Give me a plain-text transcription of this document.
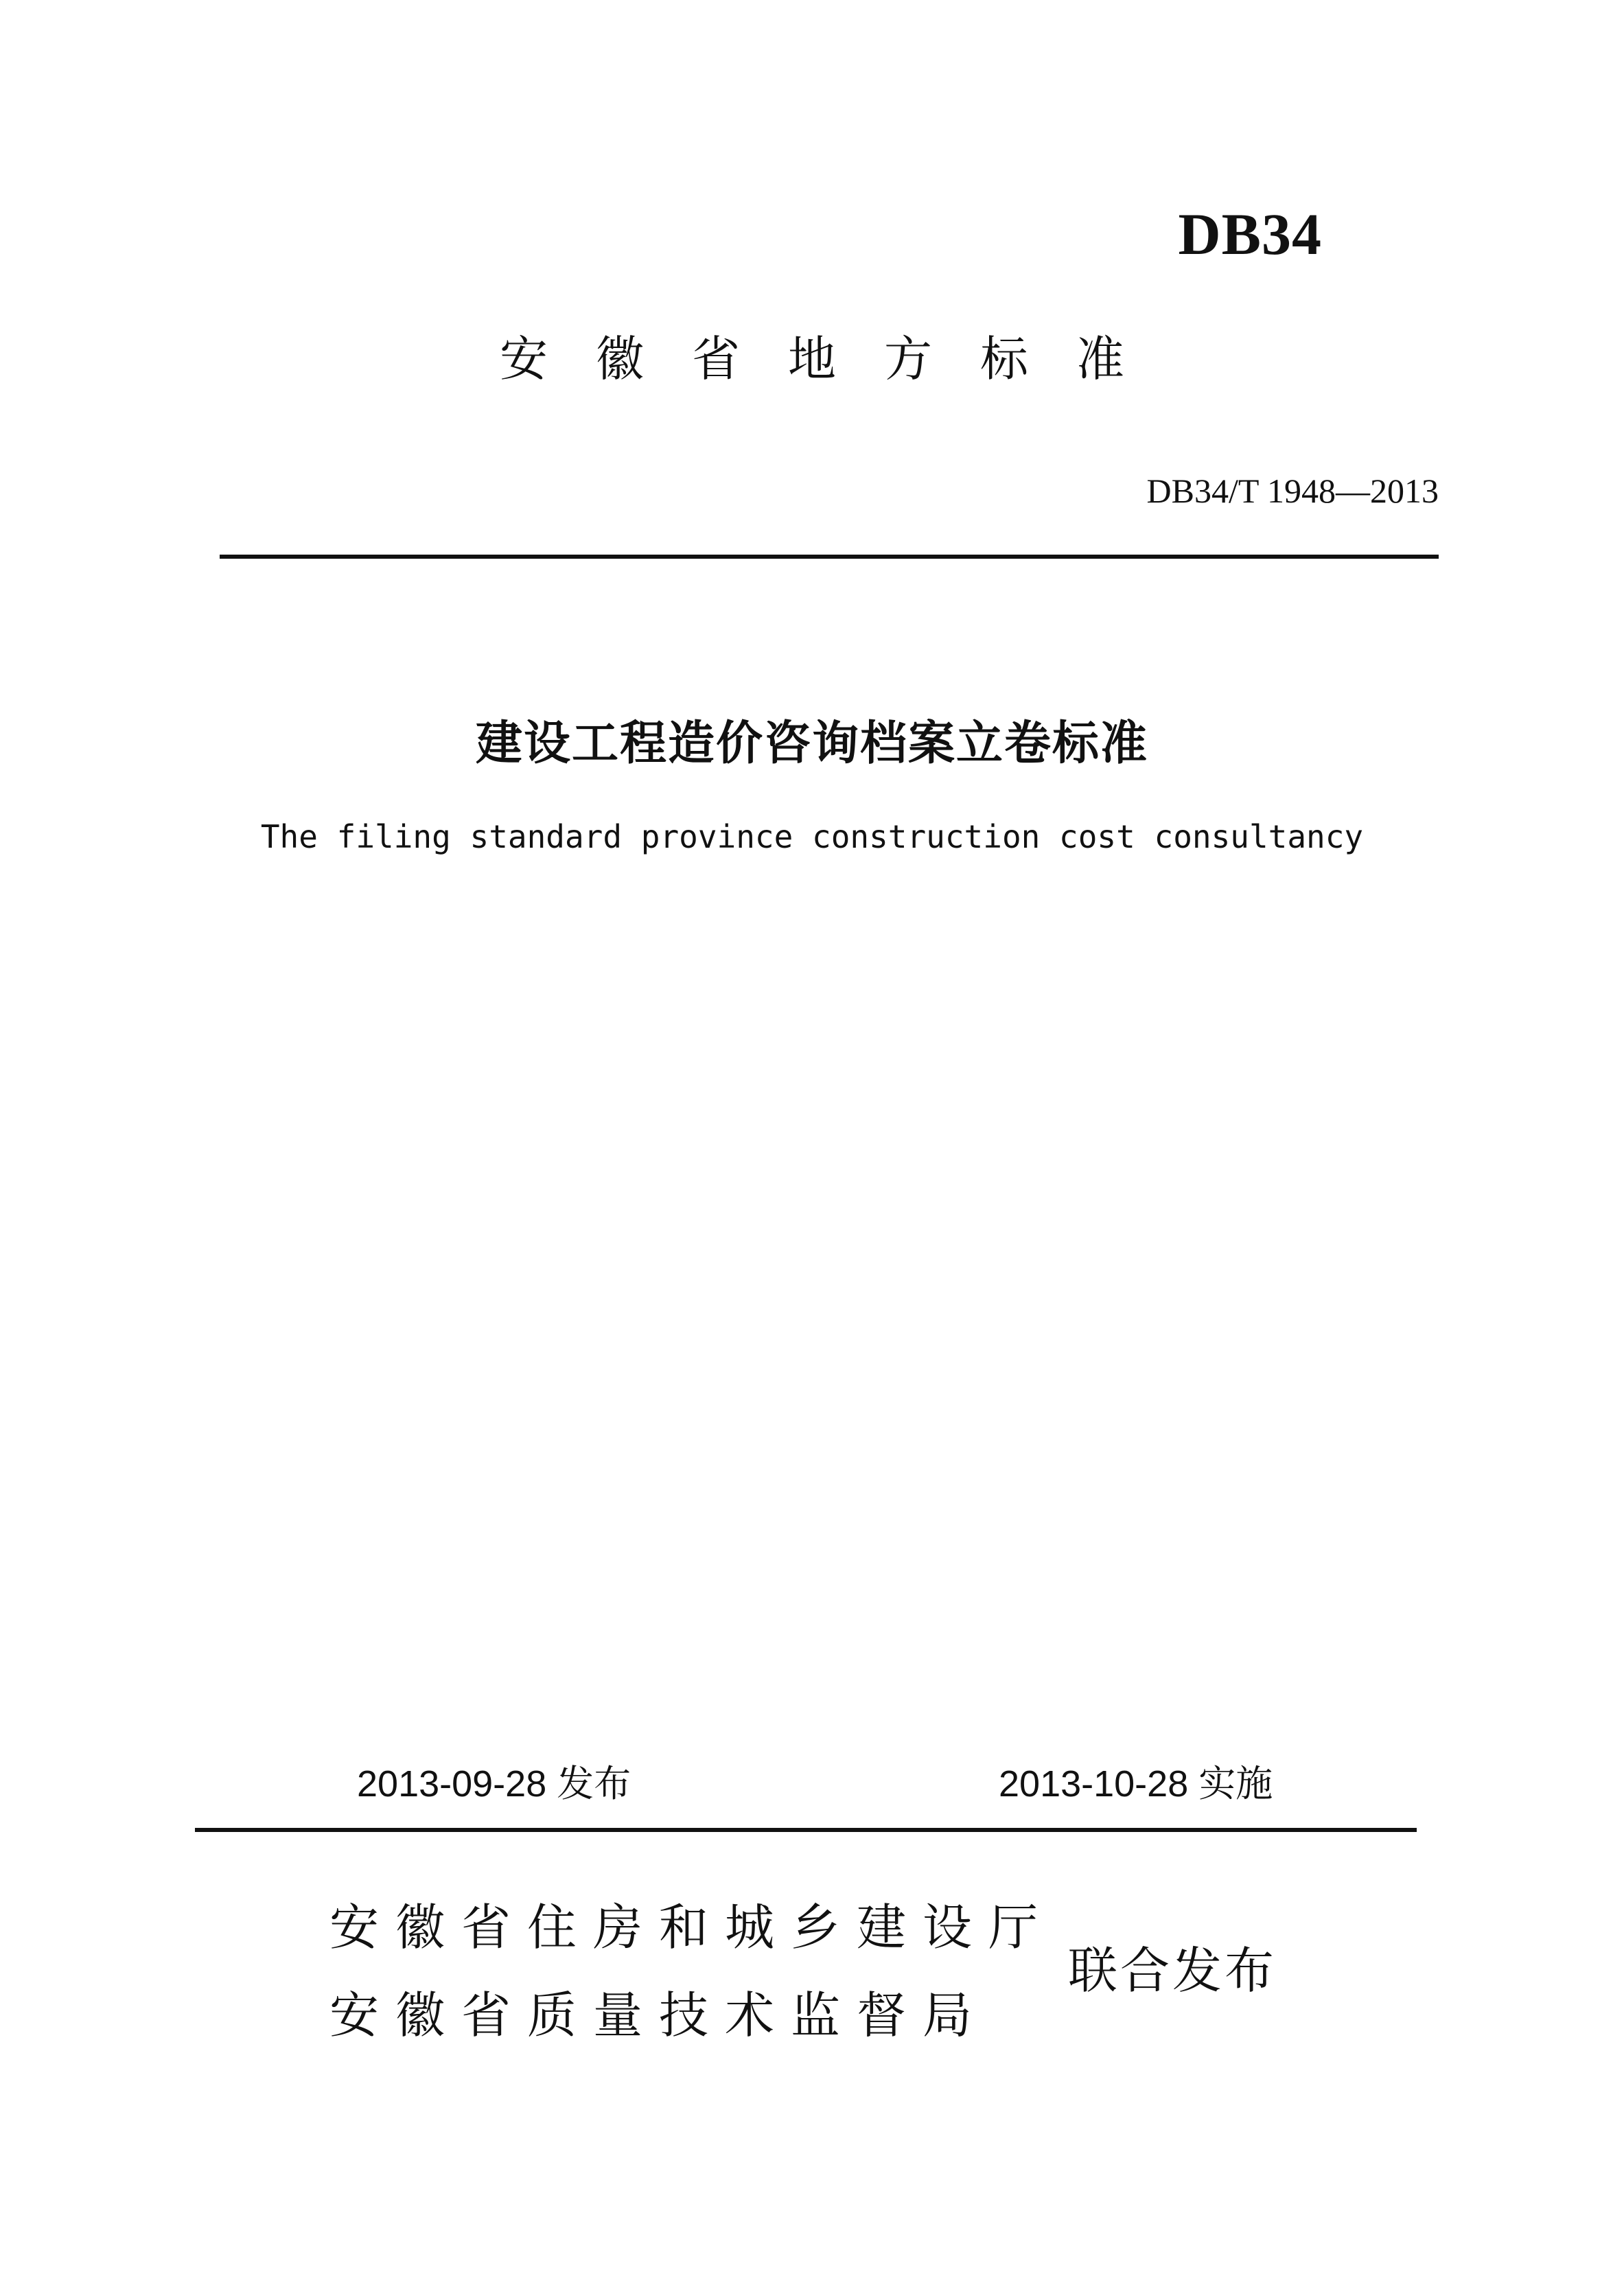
DB34
安徽省地方标准
DB34/T 1948—2013
建设工程造价咨询档案立卷标准
The filing standard province construction cost consultancy
2013-09-28 发布	2013-10-28 实施
安徽省住房和城乡建设厅
安徽省质量技术监督局
联合发布
